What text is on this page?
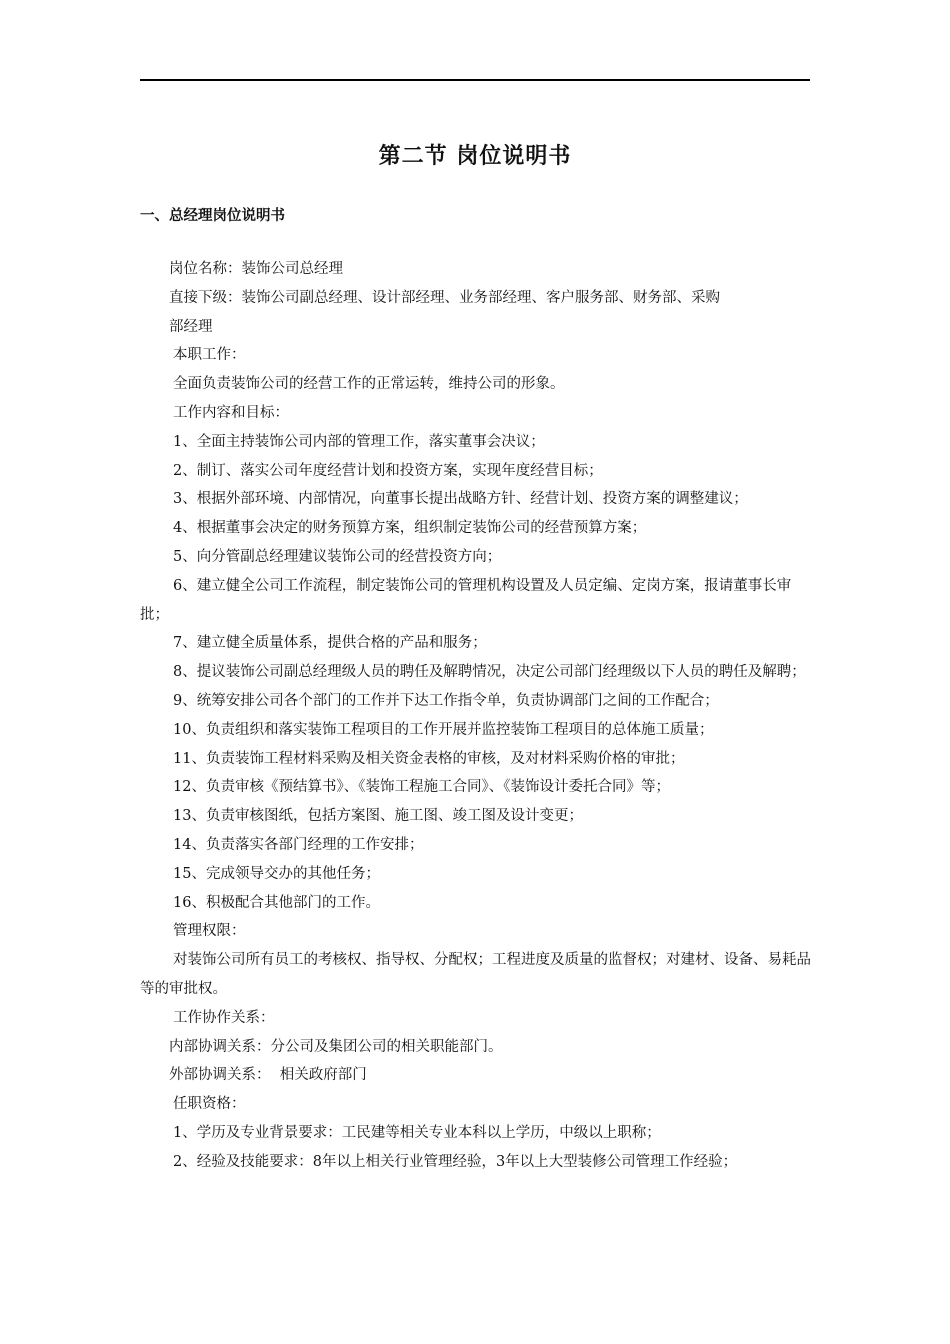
第二节 岗位说明书
一、总经理岗位说明书

岗位名称：装饰公司总经理

直接下级：装饰公司副总经理、设计部经理、业务部经理、客户服务部、财务部、采购

部经理

本职工作：

全面负责装饰公司的经营工作的正常运转，维持公司的形象。

工作内容和目标：

1、全面主持装饰公司内部的管理工作，落实董事会决议；

2、制订、落实公司年度经营计划和投资方案，实现年度经营目标；

3、根据外部环境、内部情况，向董事长提出战略方针、经营计划、投资方案的调整建议；

4、根据董事会决定的财务预算方案，组织制定装饰公司的经营预算方案；

5、向分管副总经理建议装饰公司的经营投资方向；

6、建立健全公司工作流程，制定装饰公司的管理机构设置及人员定编、定岗方案，报请董事长审批；

7、建立健全质量体系，提供合格的产品和服务；

8、提议装饰公司副总经理级人员的聘任及解聘情况，决定公司部门经理级以下人员的聘任及解聘；

9、统筹安排公司各个部门的工作并下达工作指令单，负责协调部门之间的工作配合；

10、负责组织和落实装饰工程项目的工作开展并监控装饰工程项目的总体施工质量；

11、负责装饰工程材料采购及相关资金表格的审核，及对材料采购价格的审批；

12、负责审核《预结算书》、《装饰工程施工合同》、《装饰设计委托合同》等；

13、负责审核图纸，包括方案图、施工图、竣工图及设计变更；

14、负责落实各部门经理的工作安排；

15、完成领导交办的其他任务；

16、积极配合其他部门的工作。

管理权限：

对装饰公司所有员工的考核权、指导权、分配权；工程进度及质量的监督权；对建材、设备、易耗品等的审批权。

工作协作关系：

内部协调关系：分公司及集团公司的相关职能部门。

外部协调关系：  相关政府部门

任职资格：

1、学历及专业背景要求：工民建等相关专业本科以上学历，中级以上职称；

2、经验及技能要求：8年以上相关行业管理经验，3年以上大型装修公司管理工作经验；
